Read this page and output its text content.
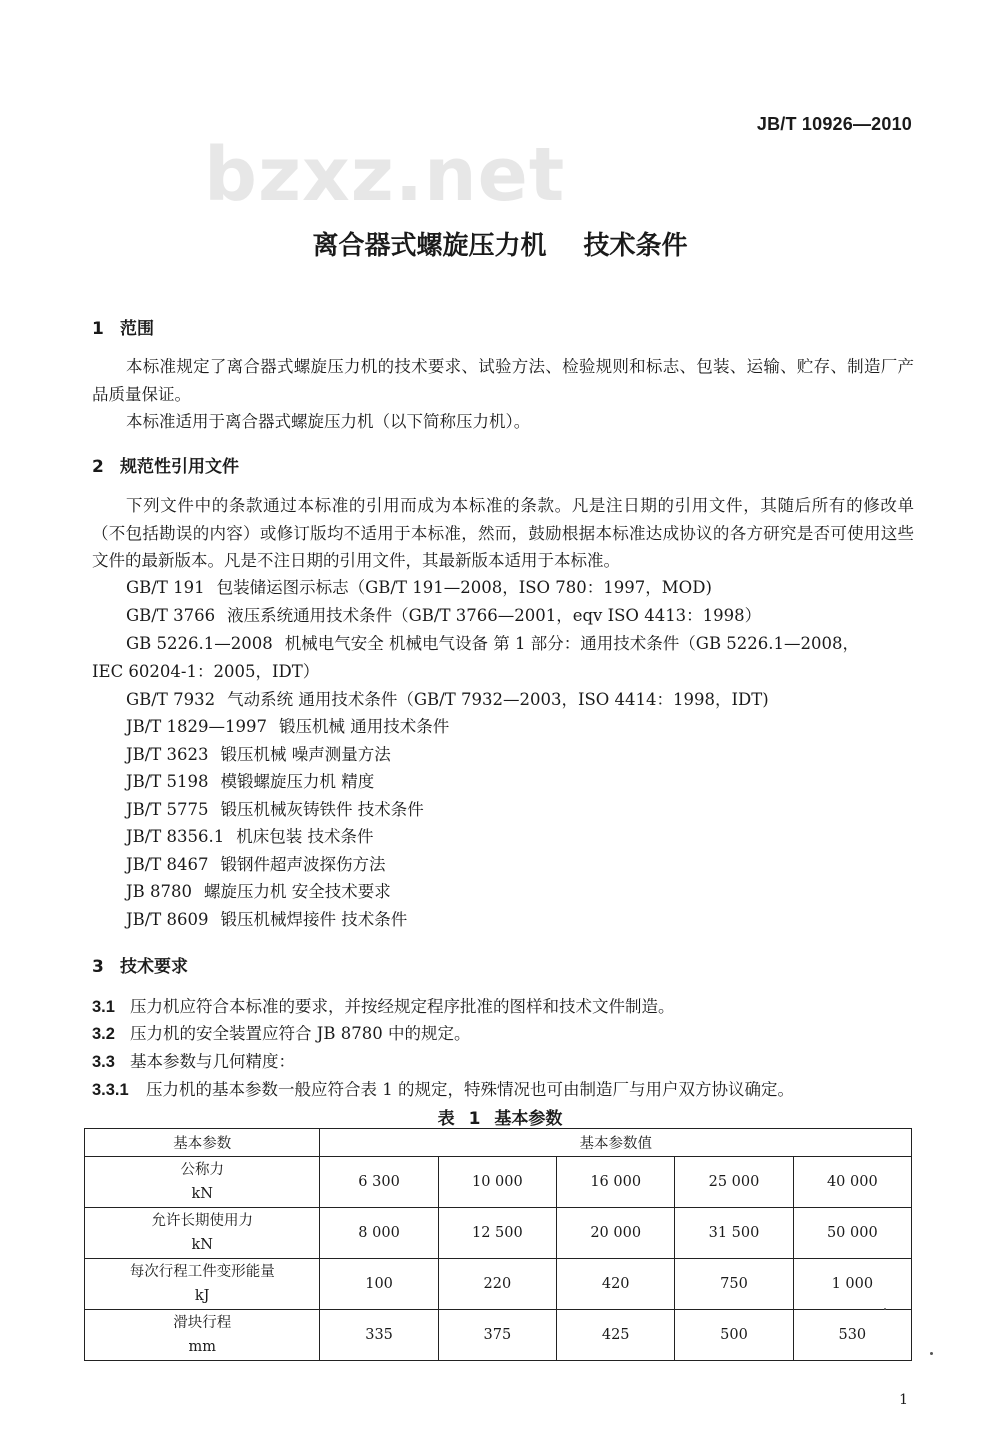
bzxz.net
JB/T 10926—2010
离合器式螺旋压力机 技术条件
1 范围
本标准规定了离合器式螺旋压力机的技术要求、试验方法、检验规则和标志、包装、运输、贮存、制造厂产品质量保证。
本标准适用于离合器式螺旋压力机（以下简称压力机）。
2 规范性引用文件
下列文件中的条款通过本标准的引用而成为本标准的条款。凡是注日期的引用文件，其随后所有的修改单（不包括勘误的内容）或修订版均不适用于本标准，然而，鼓励根据本标准达成协议的各方研究是否可使用这些文件的最新版本。凡是不注日期的引用文件，其最新版本适用于本标准。
GB/T 191 包装储运图示标志（GB/T 191—2008，ISO 780：1997，MOD)
GB/T 3766 液压系统通用技术条件（GB/T 3766—2001，eqv ISO 4413：1998）
GB 5226.1—2008 机械电气安全 机械电气设备 第 1 部分：通用技术条件（GB 5226.1—2008，
IEC 60204-1：2005，IDT）
GB/T 7932 气动系统 通用技术条件（GB/T 7932—2003，ISO 4414：1998，IDT)
JB/T 1829—1997 锻压机械 通用技术条件
JB/T 3623 锻压机械 噪声测量方法
JB/T 5198 模锻螺旋压力机 精度
JB/T 5775 锻压机械灰铸铁件 技术条件
JB/T 8356.1 机床包装 技术条件
JB/T 8467 锻钢件超声波探伤方法
JB 8780 螺旋压力机 安全技术要求
JB/T 8609 锻压机械焊接件 技术条件
3 技术要求
3.1 压力机应符合本标准的要求，并按经规定程序批准的图样和技术文件制造。
3.2 压力机的安全装置应符合 JB 8780 中的规定。
3.3 基本参数与几何精度：
3.3.1 压力机的基本参数一般应符合表 1 的规定，特殊情况也可由制造厂与用户双方协议确定。
表 1 基本参数
基本参数	基本参数值				

公称力
kN	6 300	10 000	16 000	25 000	40 000

允许长期使用力
kN	8 000	12 500	20 000	31 500	50 000

每次行程工件变形能量
kJ	100	220	420	750	1 000

滑块行程
mm	335	375	425	500	530
1
